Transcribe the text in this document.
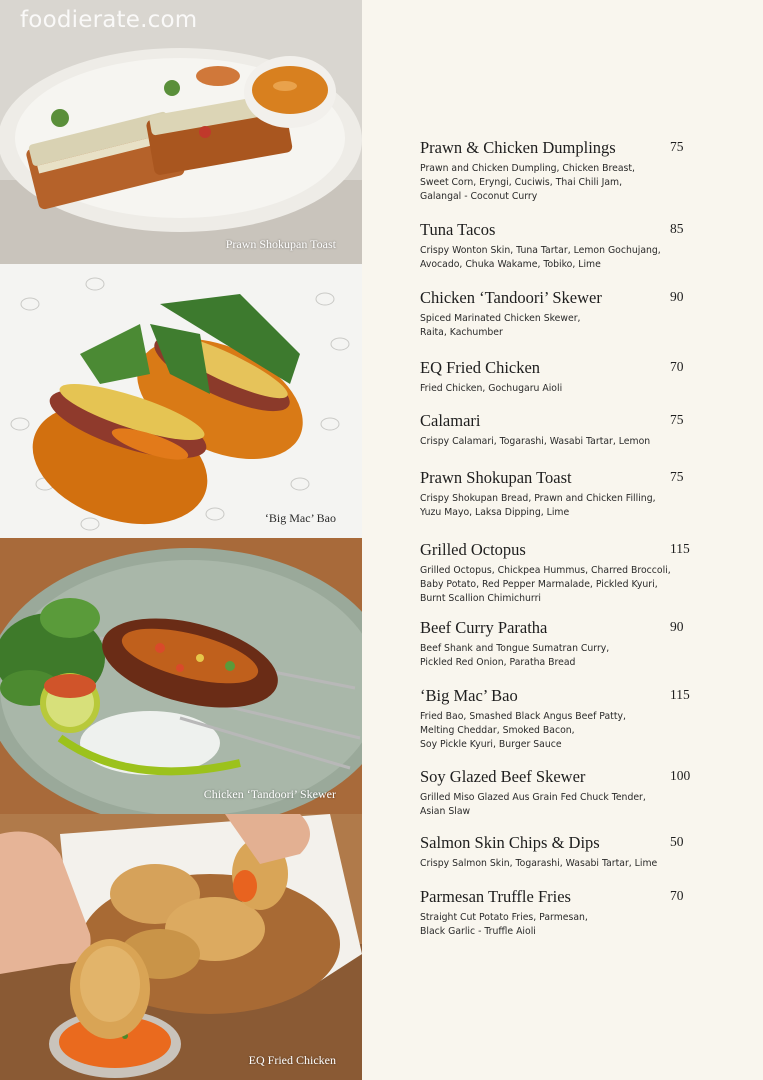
Prawn Shokupan Toast
‘Big Mac’ Bao
Chicken ‘Tandoori’ Skewer
EQ Fried Chicken
foodierate.com
Prawn & Chicken Dumplings	75
Prawn and Chicken Dumpling, Chicken Breast,
Sweet Corn, Eryngi, Cuciwis, Thai Chili Jam,
Galangal - Coconut Curry
Tuna Tacos	85
Crispy Wonton Skin, Tuna Tartar, Lemon Gochujang,
Avocado, Chuka Wakame, Tobiko, Lime
Chicken ‘Tandoori’ Skewer	90
Spiced Marinated Chicken Skewer,
Raita, Kachumber
EQ Fried Chicken	70
Fried Chicken, Gochugaru Aioli
Calamari	75
Crispy Calamari, Togarashi, Wasabi Tartar, Lemon
Prawn Shokupan Toast	75
Crispy Shokupan Bread, Prawn and Chicken Filling,
Yuzu Mayo, Laksa Dipping, Lime
Grilled Octopus	115
Grilled Octopus, Chickpea Hummus, Charred Broccoli,
Baby Potato, Red Pepper Marmalade, Pickled Kyuri,
Burnt Scallion Chimichurri
Beef Curry Paratha	90
Beef Shank and Tongue Sumatran Curry,
Pickled Red Onion, Paratha Bread
‘Big Mac’ Bao	115
Fried Bao, Smashed Black Angus Beef Patty,
Melting Cheddar, Smoked Bacon,
Soy Pickle Kyuri, Burger Sauce
Soy Glazed Beef Skewer	100
Grilled Miso Glazed Aus Grain Fed Chuck Tender,
Asian Slaw
Salmon Skin Chips & Dips	50
Crispy Salmon Skin, Togarashi, Wasabi Tartar, Lime
Parmesan Truffle Fries	70
Straight Cut Potato Fries, Parmesan,
Black Garlic - Truffle Aioli
